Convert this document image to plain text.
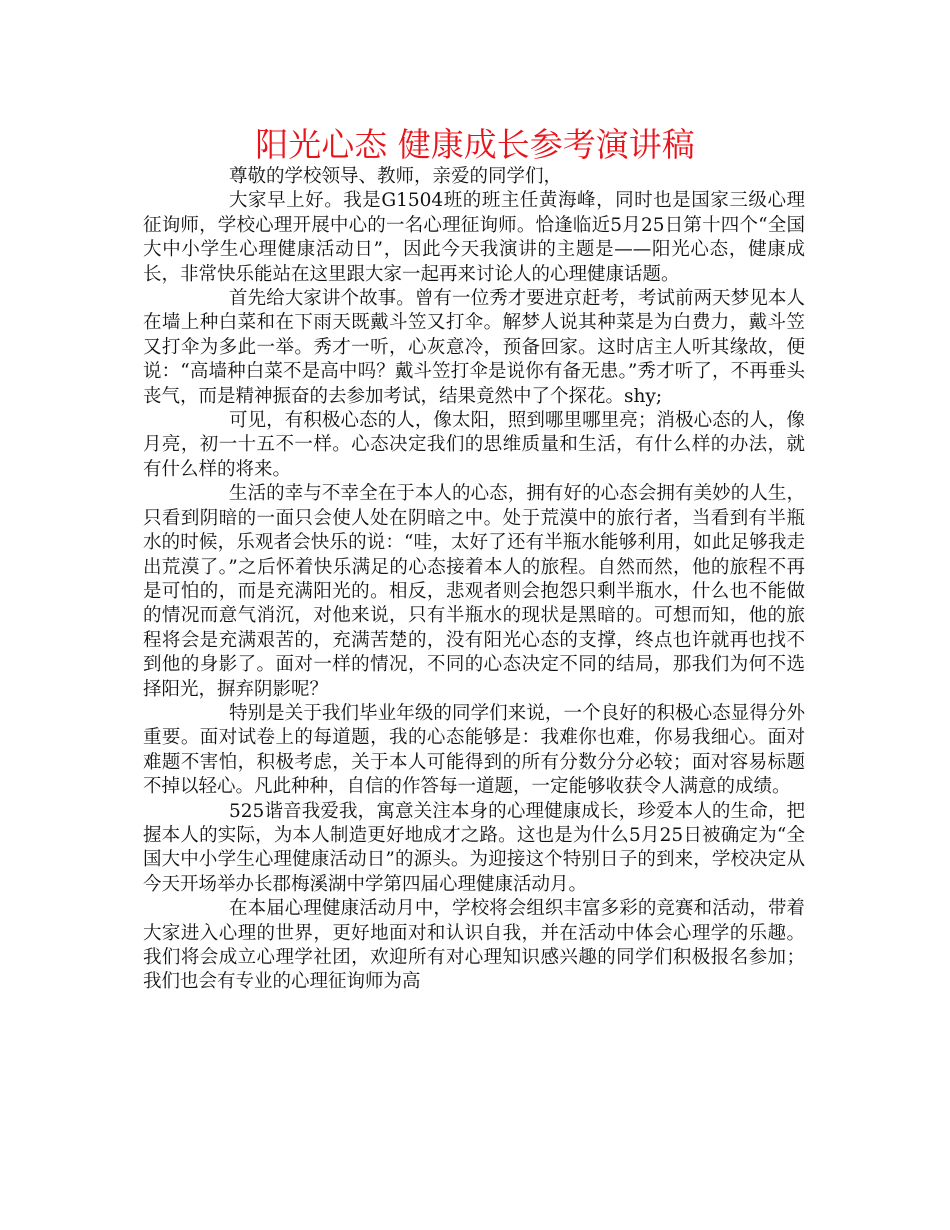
阳光心态 健康成长参考演讲稿

尊敬的学校领导、教师，亲爱的同学们，

大家早上好。我是G1504班的班主任黄海峰，同时也是国家三级心理征询师，学校心理开展中心的一名心理征询师。恰逢临近5月25日第十四个“全国大中小学生心理健康活动日”，因此今天我演讲的主题是——阳光心态，健康成长，非常快乐能站在这里跟大家一起再来讨论人的心理健康话题。

首先给大家讲个故事。曾有一位秀才要进京赶考，考试前两天梦见本人在墙上种白菜和在下雨天既戴斗笠又打伞。解梦人说其种菜是为白费力，戴斗笠又打伞为多此一举。秀才一听，心灰意冷，预备回家。这时店主人听其缘故，便说：“高墙种白菜不是高中吗？戴斗笠打伞是说你有备无患。”秀才听了，不再垂头丧气，而是精神振奋的去参加考试，结果竟然中了个探花。shy;

可见，有积极心态的人，像太阳，照到哪里哪里亮；消极心态的人，像月亮，初一十五不一样。心态决定我们的思维质量和生活，有什么样的办法，就有什么样的将来。

生活的幸与不幸全在于本人的心态，拥有好的心态会拥有美妙的人生，只看到阴暗的一面只会使人处在阴暗之中。处于荒漠中的旅行者，当看到有半瓶水的时候，乐观者会快乐的说：“哇，太好了还有半瓶水能够利用，如此足够我走出荒漠了。”之后怀着快乐满足的心态接着本人的旅程。自然而然，他的旅程不再是可怕的，而是充满阳光的。相反，悲观者则会抱怨只剩半瓶水，什么也不能做的情况而意气消沉，对他来说，只有半瓶水的现状是黑暗的。可想而知，他的旅程将会是充满艰苦的，充满苦楚的，没有阳光心态的支撑，终点也许就再也找不到他的身影了。面对一样的情况，不同的心态决定不同的结局，那我们为何不选择阳光，摒弃阴影呢？

特别是关于我们毕业年级的同学们来说，一个良好的积极心态显得分外重要。面对试卷上的每道题，我的心态能够是：我难你也难，你易我细心。面对难题不害怕，积极考虑，关于本人可能得到的所有分数分分必较；面对容易标题不掉以轻心。凡此种种，自信的作答每一道题，一定能够收获令人满意的成绩。

525谐音我爱我，寓意关注本身的心理健康成长，珍爱本人的生命，把握本人的实际，为本人制造更好地成才之路。这也是为什么5月25日被确定为“全国大中小学生心理健康活动日”的源头。为迎接这个特别日子的到来，学校决定从今天开场举办长郡梅溪湖中学第四届心理健康活动月。

在本届心理健康活动月中，学校将会组织丰富多彩的竞赛和活动，带着大家进入心理的世界，更好地面对和认识自我，并在活动中体会心理学的乐趣。我们将会成立心理学社团，欢迎所有对心理知识感兴趣的同学们积极报名参加；我们也会有专业的心理征询师为高
